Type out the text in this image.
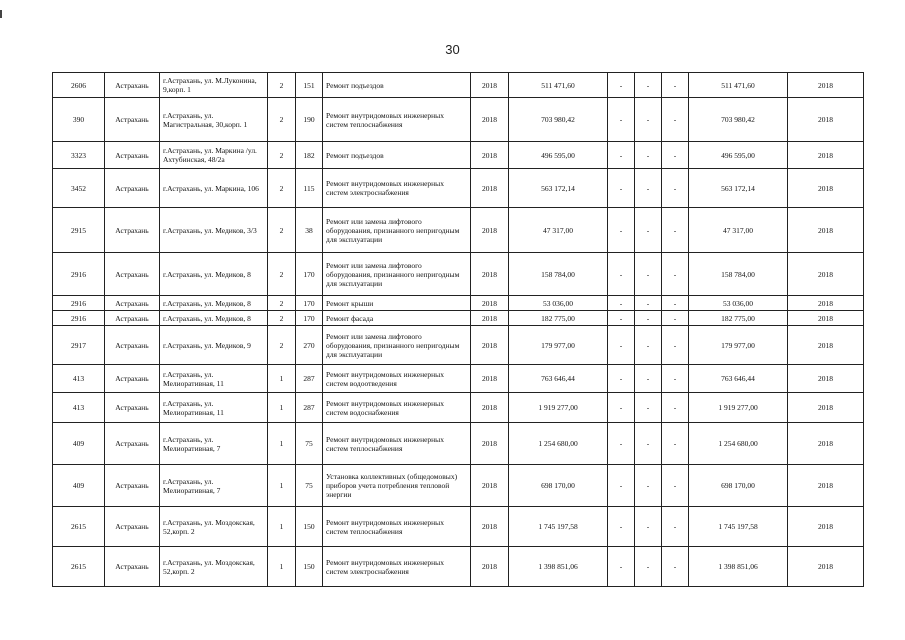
30
2606	Астрахань	г.Астрахань, ул. М.Луконина, 9,корп. 1	2	151	Ремонт подъездов	2018	511 471,60	-	-	-	511 471,60	2018
390	Астрахань	г.Астрахань, ул. Магистральная, 30,корп. 1	2	190	Ремонт внутридомовых инженерных систем теплоснабжения	2018	703 980,42	-	-	-	703 980,42	2018
3323	Астрахань	г.Астрахань, ул. Маркина /ул. Ахтубинская, 48/2а	2	182	Ремонт подъездов	2018	496 595,00	-	-	-	496 595,00	2018
3452	Астрахань	г.Астрахань, ул. Маркина, 106	2	115	Ремонт внутридомовых инженерных систем электроснабжения	2018	563 172,14	-	-	-	563 172,14	2018
2915	Астрахань	г.Астрахань, ул. Медиков, 3/3	2	38	Ремонт или замена лифтового оборудования, признанного непригодным для эксплуатации	2018	47 317,00	-	-	-	47 317,00	2018
2916	Астрахань	г.Астрахань, ул. Медиков, 8	2	170	Ремонт или замена лифтового оборудования, признанного непригодным для эксплуатации	2018	158 784,00	-	-	-	158 784,00	2018
2916	Астрахань	г.Астрахань, ул. Медиков, 8	2	170	Ремонт крыши	2018	53 036,00	-	-	-	53 036,00	2018
2916	Астрахань	г.Астрахань, ул. Медиков, 8	2	170	Ремонт фасада	2018	182 775,00	-	-	-	182 775,00	2018
2917	Астрахань	г.Астрахань, ул. Медиков, 9	2	270	Ремонт или замена лифтового оборудования, признанного непригодным для эксплуатации	2018	179 977,00	-	-	-	179 977,00	2018
413	Астрахань	г.Астрахань, ул. Мелиоративная, 11	1	287	Ремонт внутридомовых инженерных систем водоотведения	2018	763 646,44	-	-	-	763 646,44	2018
413	Астрахань	г.Астрахань, ул. Мелиоративная, 11	1	287	Ремонт внутридомовых инженерных систем водоснабжения	2018	1 919 277,00	-	-	-	1 919 277,00	2018
409	Астрахань	г.Астрахань, ул. Мелиоративная, 7	1	75	Ремонт внутридомовых инженерных систем теплоснабжения	2018	1 254 680,00	-	-	-	1 254 680,00	2018
409	Астрахань	г.Астрахань, ул. Мелиоративная, 7	1	75	Установка коллективных (общедомовых) приборов учета потребления тепловой энергии	2018	698 170,00	-	-	-	698 170,00	2018
2615	Астрахань	г.Астрахань, ул. Моздокская, 52,корп. 2	1	150	Ремонт внутридомовых инженерных систем теплоснабжения	2018	1 745 197,58	-	-	-	1 745 197,58	2018
2615	Астрахань	г.Астрахань, ул. Моздокская, 52,корп. 2	1	150	Ремонт внутридомовых инженерных систем электроснабжения	2018	1 398 851,06	-	-	-	1 398 851,06	2018
